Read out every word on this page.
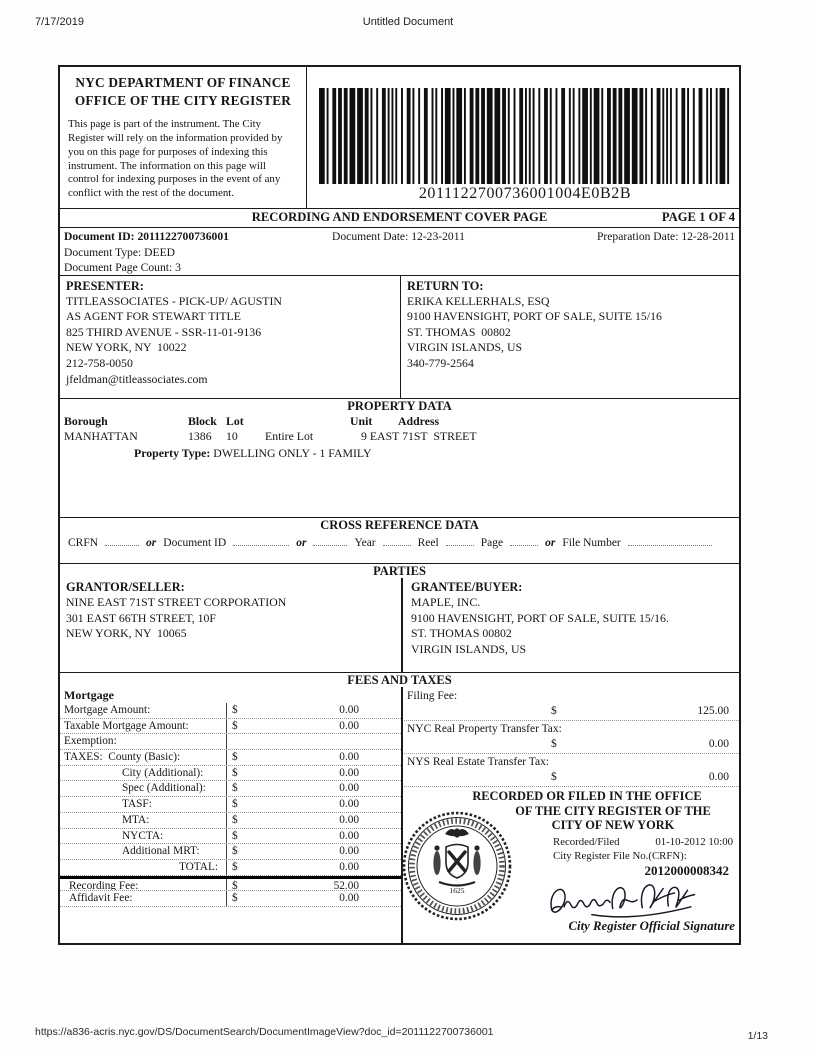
7/17/2019	Untitled Document
NYC DEPARTMENT OF FINANCE
OFFICE OF THE CITY REGISTER
This page is part of the instrument. The City Register will rely on the information provided by you on this page for purposes of indexing this instrument. The information on this page will control for indexing purposes in the event of any conflict with the rest of the document.	2011122700736001004E0B2B
RECORDING AND ENDORSEMENT COVER PAGE	PAGE 1 OF 4
Document ID: 2011122700736001	Document Date: 12-23-2011	Preparation Date: 12-28-2011
Document Type: DEED
Document Page Count: 3
PRESENTER:
TITLEASSOCIATES - PICK-UP/ AGUSTIN
AS AGENT FOR STEWART TITLE
825 THIRD AVENUE - SSR-11-01-9136
NEW YORK, NY  10022
212-758-0050
jfeldman@titleassociates.com
RETURN TO:
ERIKA KELLERHALS, ESQ
9100 HAVENSIGHT, PORT OF SALE, SUITE 15/16
ST. THOMAS  00802
VIRGIN ISLANDS, US
340-779-2564
PROPERTY DATA
Borough	Block Lot	Unit	Address
MANHATTAN	1386	10	Entire Lot	9 EAST 71ST  STREET
Property Type: DWELLING ONLY - 1 FAMILY
CROSS REFERENCE DATA
CRFN	or Document ID	or	Year	Reel	Page	or File Number
PARTIES
GRANTOR/SELLER:
NINE EAST 71ST STREET CORPORATION
301 EAST 66TH STREET, 10F
NEW YORK, NY  10065
GRANTEE/BUYER:
MAPLE, INC.
9100 HAVENSIGHT, PORT OF SALE, SUITE 15/16.
ST. THOMAS 00802
VIRGIN ISLANDS, US
FEES AND TAXES
Mortgage
Mortgage Amount:	$	0.00
Taxable Mortgage Amount:	$	0.00
Exemption:
TAXES:  County (Basic):	$	0.00
City (Additional):	$	0.00
Spec (Additional):	$	0.00
TASF:	$	0.00
MTA:	$	0.00
NYCTA:	$	0.00
Additional MRT:	$	0.00
TOTAL:	$	0.00
Recording Fee:	$	52.00
Affidavit Fee:	$	0.00
Filing Fee:
$	125.00
NYC Real Property Transfer Tax:
$	0.00
NYS Real Estate Transfer Tax:
$	0.00
1625
RECORDED OR FILED IN THE OFFICE
OF THE CITY REGISTER OF THE
CITY OF NEW YORK
Recorded/Filed	01-10-2012 10:00
City Register File No.(CRFN):
2012000008342
City Register Official Signature
https://a836-acris.nyc.gov/DS/DocumentSearch/DocumentImageView?doc_id=2011122700736001	1/13
